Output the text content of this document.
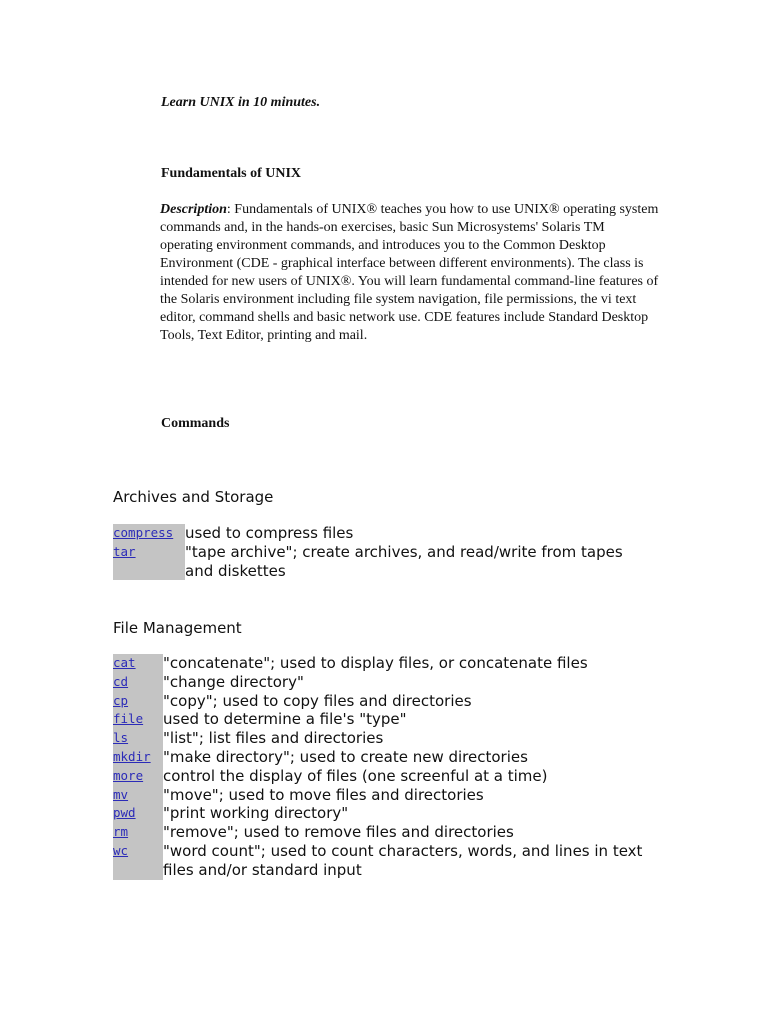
Learn UNIX in 10 minutes.
Fundamentals of UNIX

Description: Fundamentals of UNIX® teaches you how to use UNIX® operating system commands and, in the hands-on exercises, basic Sun Microsystems' Solaris TM operating environment commands, and introduces you to the Common Desktop Environment (CDE - graphical interface between different environments). The class is intended for new users of UNIX®. You will learn fundamental command-line features of the Solaris environment including file system navigation, file permissions, the vi text editor, command shells and basic network use. CDE features include Standard Desktop Tools, Text Editor, printing and mail.

Commands
Archives and Storage
compress	used to compress files
tar	"tape archive"; create archives, and read/write from tapes and diskettes
File Management
cat	"concatenate"; used to display files, or concatenate files
cd	"change directory"
cp	"copy"; used to copy files and directories
file	used to determine a file's "type"
ls	"list"; list files and directories
mkdir	"make directory"; used to create new directories
more	control the display of files (one screenful at a time)
mv	"move"; used to move files and directories
pwd	"print working directory"
rm	"remove"; used to remove files and directories
wc	"word count"; used to count characters, words, and lines in text files and/or standard input
